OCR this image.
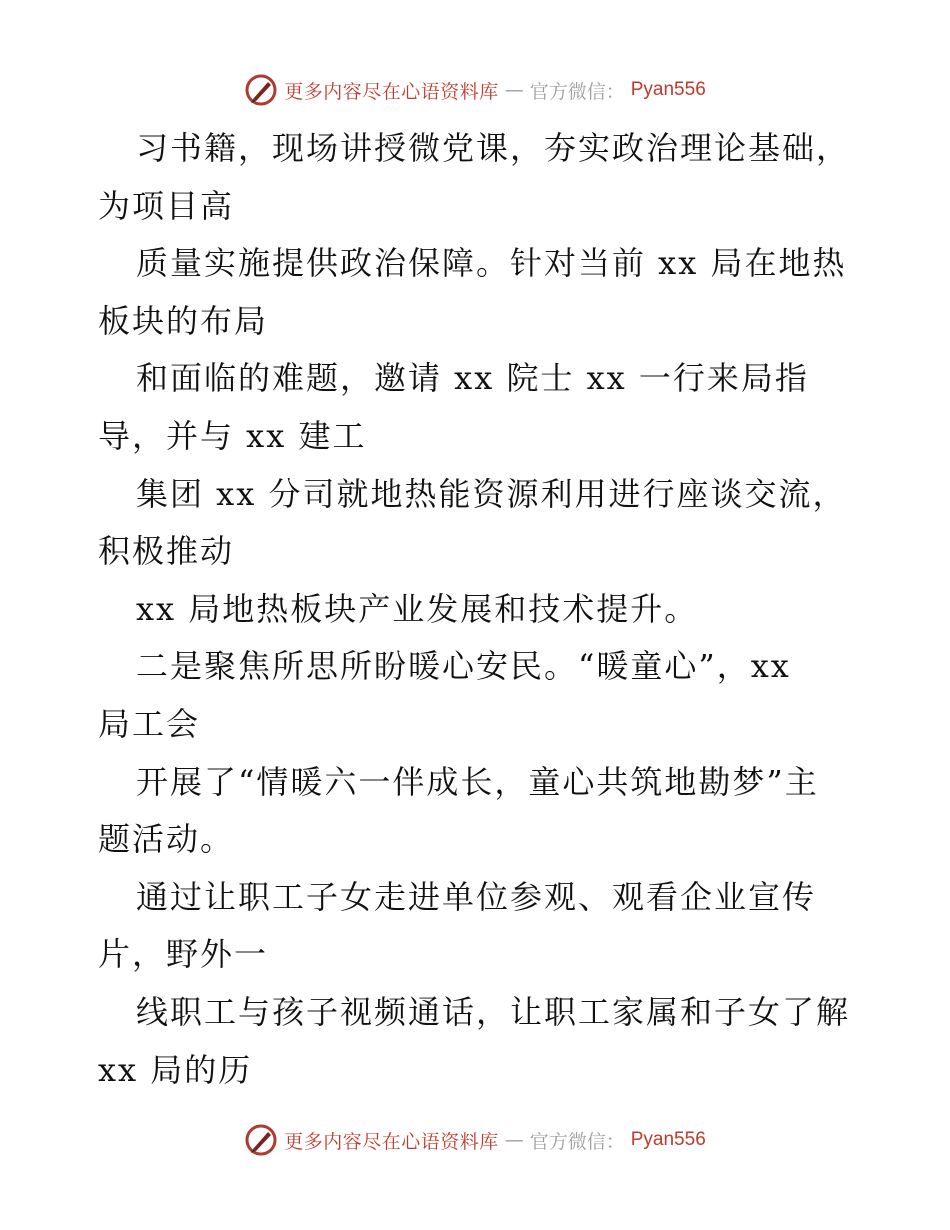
更多内容尽在心语资料库 — 官方微信： Pyan556
习书籍，现场讲授微党课，夯实政治理论基础，
为项目高
质量实施提供政治保障。针对当前 xx 局在地热
板块的布局
和面临的难题，邀请 xx 院士 xx 一行来局指
导，并与 xx 建工
集团 xx 分司就地热能资源利用进行座谈交流，
积极推动
xx 局地热板块产业发展和技术提升。
二是聚焦所思所盼暖心安民。“暖童心”，xx
局工会
开展了“情暖六一伴成长，童心共筑地勘梦”主
题活动。
通过让职工子女走进单位参观、观看企业宣传
片，野外一
线职工与孩子视频通话，让职工家属和子女了解
xx 局的历
更多内容尽在心语资料库 — 官方微信： Pyan556
